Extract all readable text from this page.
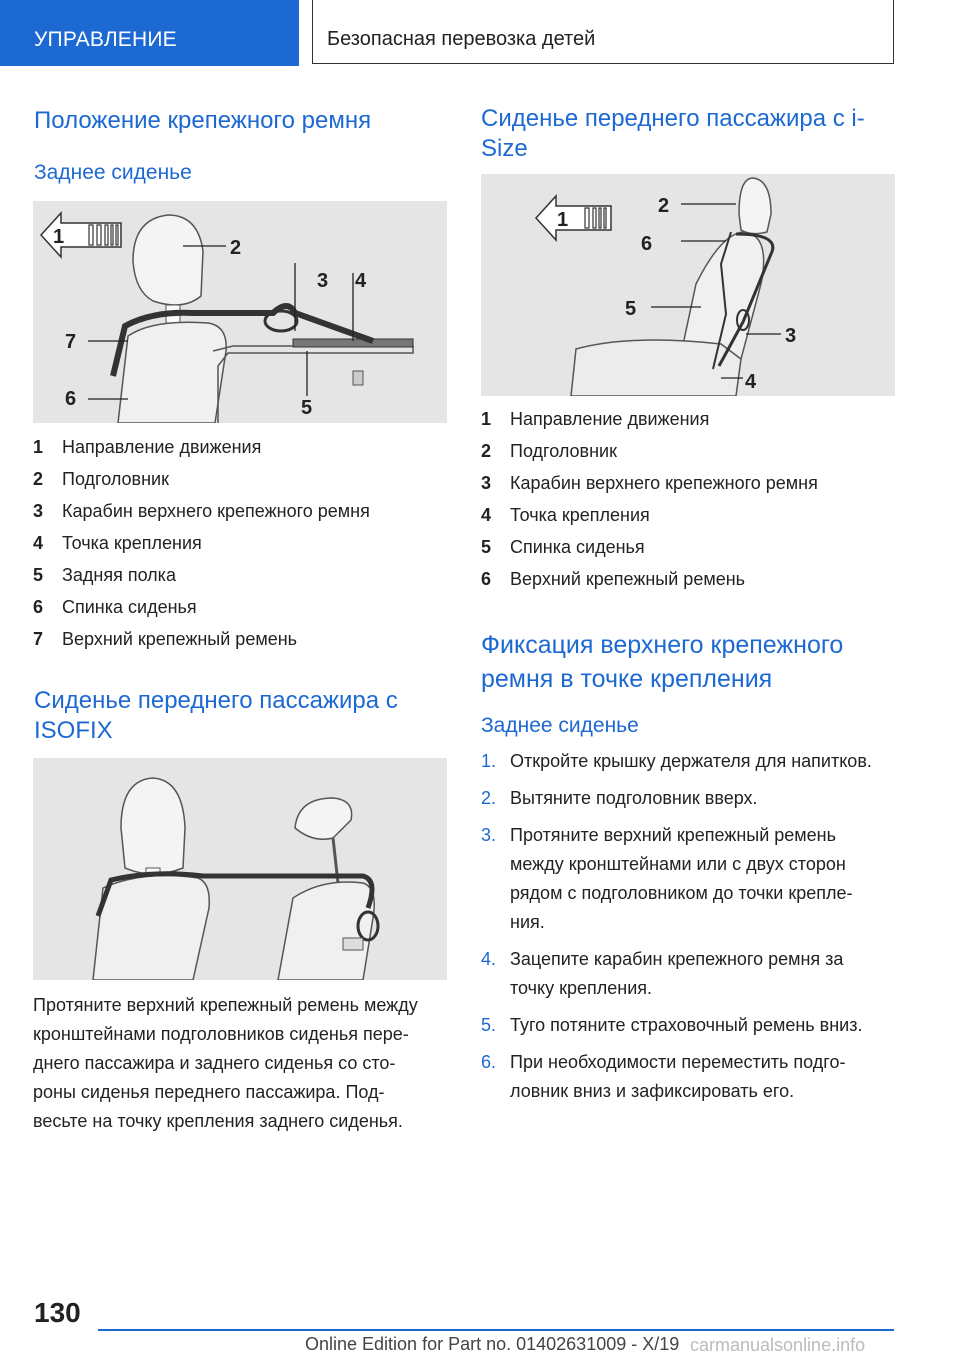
УПРАВЛЕНИЕ	Безопасная перевозка детей
Положение крепежного ремня
Заднее сиденье
1	2
3 4
5
6
7
1 Направление движения
2 Подголовник
3 Карабин верхнего крепежного ремня
4 Точка крепления
5 Задняя полка
6 Спинка сиденья
7 Верхний крепежный ремень
Сиденье переднего пассажира с
ISOFIX
Протяните верхний крепежный ремень между
кронштейнами подголовников сиденья пере-
днего пассажира и заднего сиденья со сто-
роны сиденья переднего пассажира. Под-
весьте на точку крепления заднего сиденья.
Сиденье переднего пассажира с i-
Size
1
2
6
5
3
4
1 Направление движения
2 Подголовник
3 Карабин верхнего крепежного ремня
4 Точка крепления
5 Спинка сиденья
6 Верхний крепежный ремень
Фиксация верхнего крепежного
ремня в точке крепления
Заднее сиденье
1. Откройте крышку держателя для напитков.
2. Вытяните подголовник вверх.
3. Протяните верхний крепежный ремень
между кронштейнами или с двух сторон
рядом с подголовником до точки крепле-
ния.
4. Зацепите карабин крепежного ремня за
точку крепления.
5. Туго потяните страховочный ремень вниз.
6. При необходимости переместить подго-
ловник вниз и зафиксировать его.
130
Online Edition for Part no. 01402631009 - X/19 carmanualsonline.info
